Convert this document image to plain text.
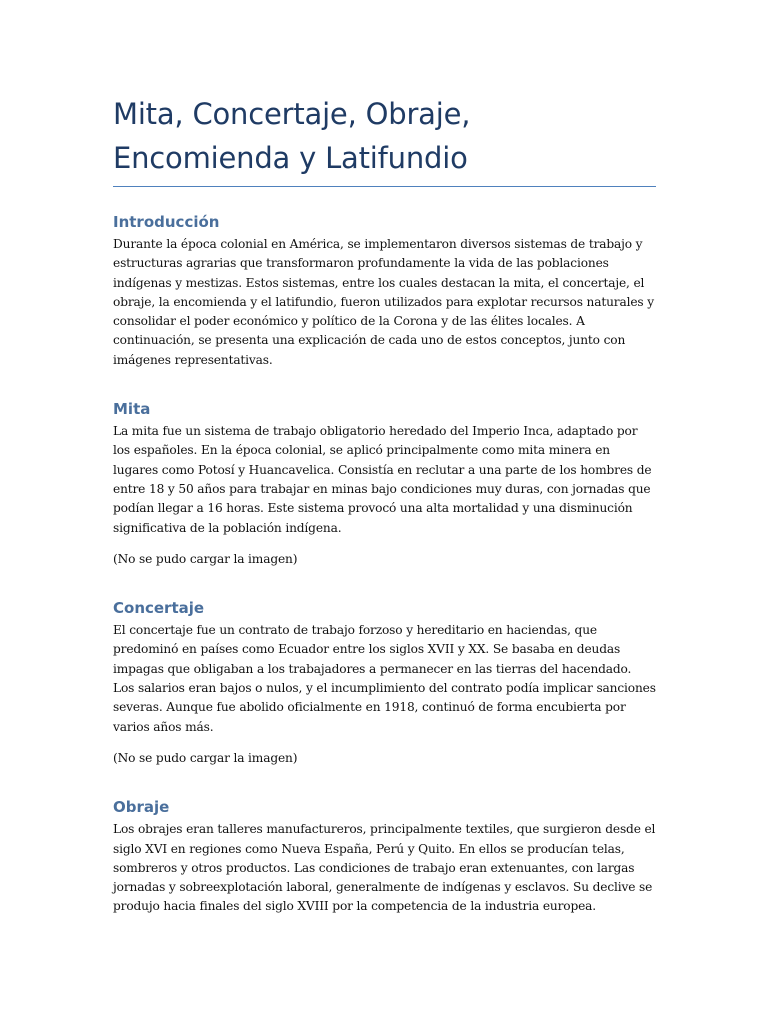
Mita, Concertaje, Obraje, Encomienda y Latifundio
Introducción

Durante la época colonial en América, se implementaron diversos sistemas de trabajo y estructuras agrarias que transformaron profundamente la vida de las poblaciones indígenas y mestizas. Estos sistemas, entre los cuales destacan la mita, el concertaje, el obraje, la encomienda y el latifundio, fueron utilizados para explotar recursos naturales y consolidar el poder económico y político de la Corona y de las élites locales. A continuación, se presenta una explicación de cada uno de estos conceptos, junto con imágenes representativas.

Mita

La mita fue un sistema de trabajo obligatorio heredado del Imperio Inca, adaptado por los españoles. En la época colonial, se aplicó principalmente como mita minera en lugares como Potosí y Huancavelica. Consistía en reclutar a una parte de los hombres de entre 18 y 50 años para trabajar en minas bajo condiciones muy duras, con jornadas que podían llegar a 16 horas. Este sistema provocó una alta mortalidad y una disminución significativa de la población indígena.

(No se pudo cargar la imagen)

Concertaje

El concertaje fue un contrato de trabajo forzoso y hereditario en haciendas, que predominó en países como Ecuador entre los siglos XVII y XX. Se basaba en deudas impagas que obligaban a los trabajadores a permanecer en las tierras del hacendado. Los salarios eran bajos o nulos, y el incumplimiento del contrato podía implicar sanciones severas. Aunque fue abolido oficialmente en 1918, continuó de forma encubierta por varios años más.

(No se pudo cargar la imagen)

Obraje

Los obrajes eran talleres manufactureros, principalmente textiles, que surgieron desde el siglo XVI en regiones como Nueva España, Perú y Quito. En ellos se producían telas, sombreros y otros productos. Las condiciones de trabajo eran extenuantes, con largas jornadas y sobreexplotación laboral, generalmente de indígenas y esclavos. Su declive se produjo hacia finales del siglo XVIII por la competencia de la industria europea.
